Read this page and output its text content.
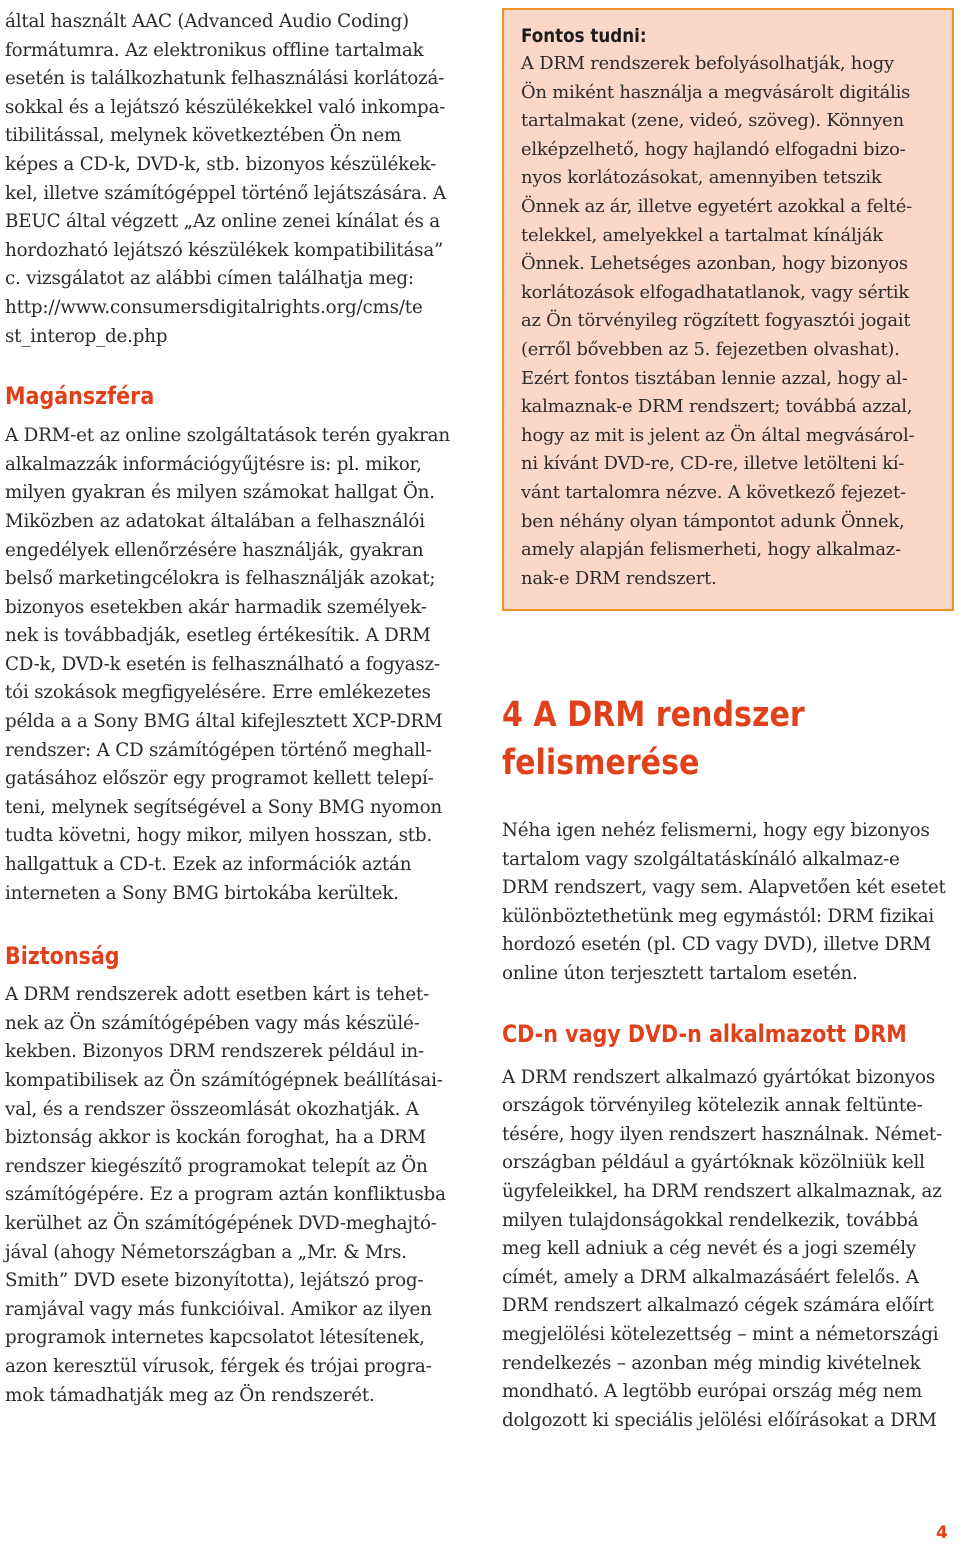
által használt AAC (Advanced Audio Coding)
formátumra. Az elektronikus offline tartalmak
esetén is találkozhatunk felhasználási korlátozá-
sokkal és a lejátszó készülékekkel való inkompa-
tibilitással, melynek következtében Ön nem
képes a CD-k, DVD-k, stb. bizonyos készülékek-
kel, illetve számítógéppel történő lejátszására. A
BEUC által végzett „Az online zenei kínálat és a
hordozható lejátszó készülékek kompatibilitása”
c. vizsgálatot az alábbi címen találhatja meg:
http://www.consumersdigitalrights.org/cms/te
st_interop_de.php
Magánszféra
A DRM-et az online szolgáltatások terén gyakran
alkalmazzák információgyűjtésre is: pl. mikor,
milyen gyakran és milyen számokat hallgat Ön.
Miközben az adatokat általában a felhasználói
engedélyek ellenőrzésére használják, gyakran
belső marketingcélokra is felhasználják azokat;
bizonyos esetekben akár harmadik személyek-
nek is továbbadják, esetleg értékesítik. A DRM
CD-k, DVD-k esetén is felhasználható a fogyasz-
tói szokások megfigyelésére. Erre emlékezetes
példa a a Sony BMG által kifejlesztett XCP-DRM
rendszer: A CD számítógépen történő meghall-
gatásához először egy programot kellett telepí-
teni, melynek segítségével a Sony BMG nyomon
tudta követni, hogy mikor, milyen hosszan, stb.
hallgattuk a CD-t. Ezek az információk aztán
interneten a Sony BMG birtokába kerültek.
Biztonság
A DRM rendszerek adott esetben kárt is tehet-
nek az Ön számítógépében vagy más készülé-
kekben. Bizonyos DRM rendszerek például in-
kompatibilisek az Ön számítógépnek beállításai-
val, és a rendszer összeomlását okozhatják. A
biztonság akkor is kockán foroghat, ha a DRM
rendszer kiegészítő programokat telepít az Ön
számítógépére. Ez a program aztán konfliktusba
kerülhet az Ön számítógépének DVD-meghajtó-
jával (ahogy Németországban a „Mr. & Mrs.
Smith” DVD esete bizonyította), lejátszó prog-
ramjával vagy más funkcióival. Amikor az ilyen
programok internetes kapcsolatot létesítenek,
azon keresztül vírusok, férgek és trójai progra-
mok támadhatják meg az Ön rendszerét.
Fontos tudni:
A DRM rendszerek befolyásolhatják, hogy
Ön miként használja a megvásárolt digitális
tartalmakat (zene, videó, szöveg). Könnyen
elképzelhető, hogy hajlandó elfogadni bizo-
nyos korlátozásokat, amennyiben tetszik
Önnek az ár, illetve egyetért azokkal a felté-
telekkel, amelyekkel a tartalmat kínálják
Önnek. Lehetséges azonban, hogy bizonyos
korlátozások elfogadhatatlanok, vagy sértik
az Ön törvényileg rögzített fogyasztói jogait
(erről bővebben az 5. fejezetben olvashat).
Ezért fontos tisztában lennie azzal, hogy al-
kalmaznak-e DRM rendszert; továbbá azzal,
hogy az mit is jelent az Ön által megvásárol-
ni kívánt DVD-re, CD-re, illetve letölteni kí-
vánt tartalomra nézve. A következő fejezet-
ben néhány olyan támpontot adunk Önnek,
amely alapján felismerheti, hogy alkalmaz-
nak-e DRM rendszert.
4 A DRM rendszer
felismerése
Néha igen nehéz felismerni, hogy egy bizonyos
tartalom vagy szolgáltatáskínáló alkalmaz-e
DRM rendszert, vagy sem. Alapvetően két esetet
különböztethetünk meg egymástól: DRM fizikai
hordozó esetén (pl. CD vagy DVD), illetve DRM
online úton terjesztett tartalom esetén.
CD-n vagy DVD-n alkalmazott DRM
A DRM rendszert alkalmazó gyártókat bizonyos
országok törvényileg kötelezik annak feltünte-
tésére, hogy ilyen rendszert használnak. Német-
országban például a gyártóknak közölniük kell
ügyfeleikkel, ha DRM rendszert alkalmaznak, az
milyen tulajdonságokkal rendelkezik, továbbá
meg kell adniuk a cég nevét és a jogi személy
címét, amely a DRM alkalmazásáért felelős. A
DRM rendszert alkalmazó cégek számára előírt
megjelölési kötelezettség – mint a németországi
rendelkezés – azonban még mindig kivételnek
mondható. A legtöbb európai ország még nem
dolgozott ki speciális jelölési előírásokat a DRM
4
